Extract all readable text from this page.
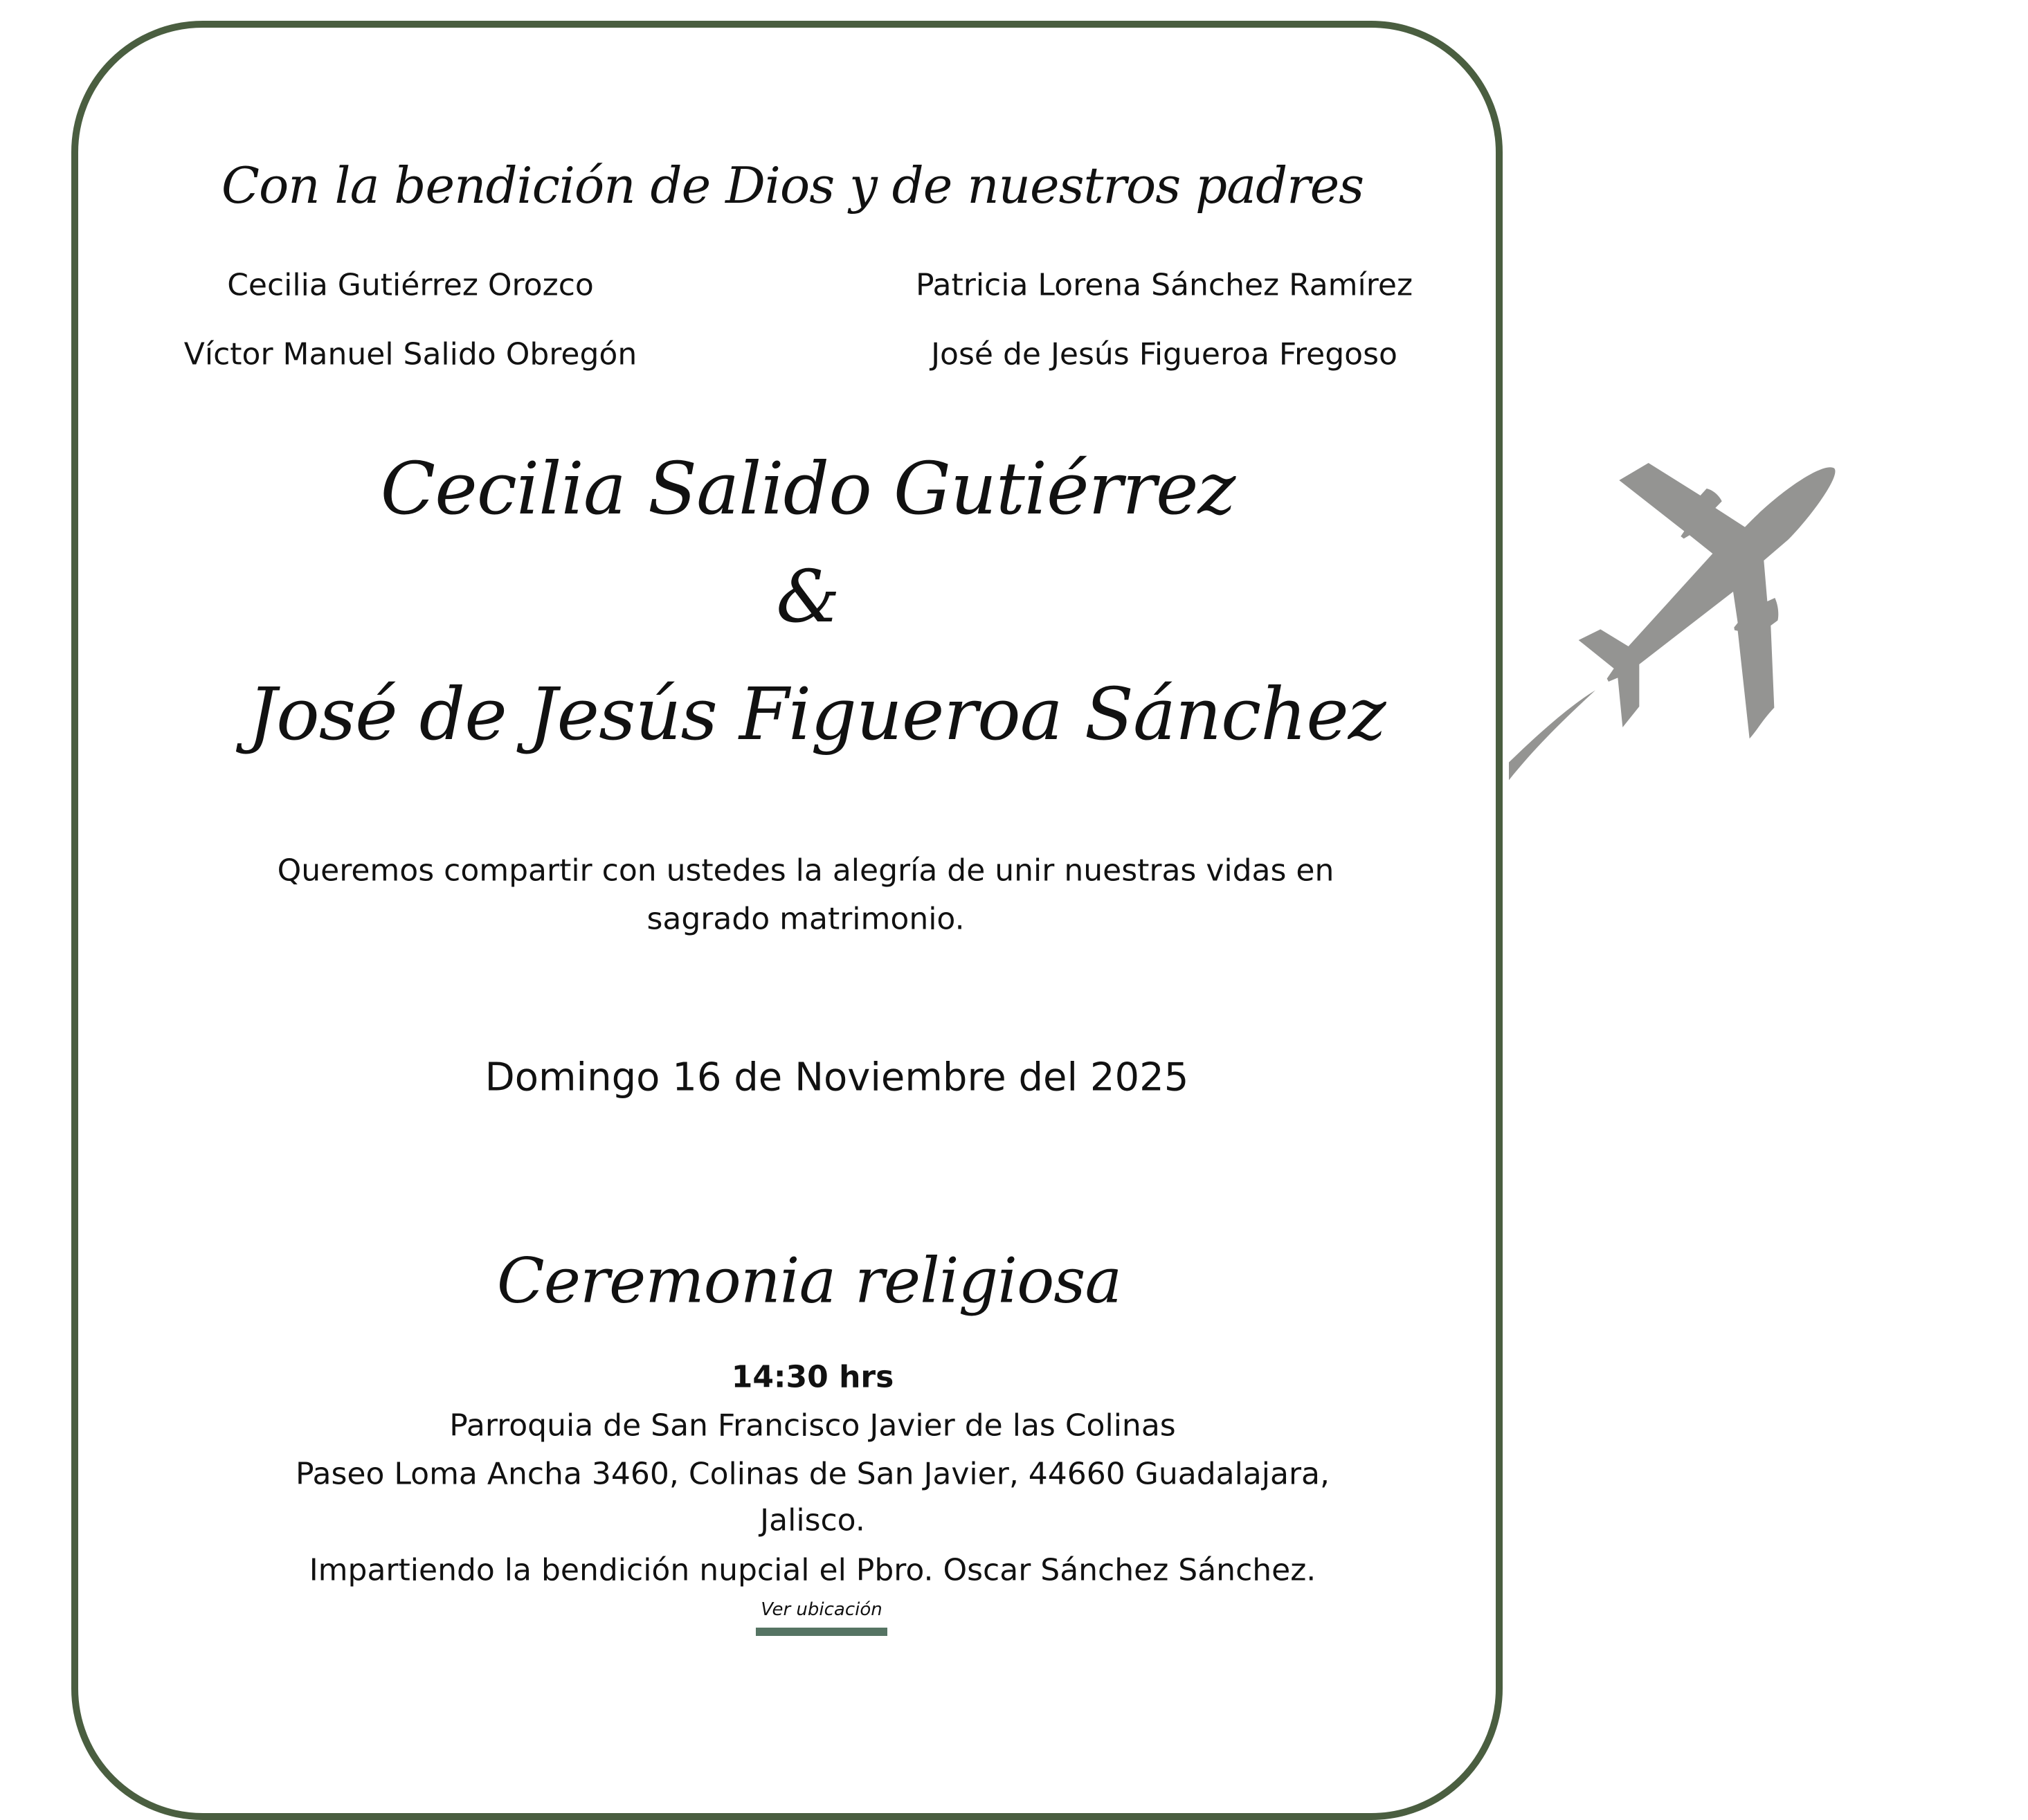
Con la bendición de Dios y de nuestros padres
Cecilia Gutiérrez Orozco
Víctor Manuel Salido Obregón
Patricia Lorena Sánchez Ramírez
José de Jesús Figueroa Fregoso
Cecilia Salido Gutiérrez
&
José de Jesús Figueroa Sánchez
Queremos compartir con ustedes la alegría de unir nuestras vidas en
sagrado matrimonio.
Domingo 16 de Noviembre del 2025
Ceremonia religiosa
14:30 hrs
Parroquia de San Francisco Javier de las Colinas
Paseo Loma Ancha 3460, Colinas de San Javier, 44660 Guadalajara,
Jalisco.
Impartiendo la bendición nupcial el Pbro. Oscar Sánchez Sánchez.
Ver ubicación
